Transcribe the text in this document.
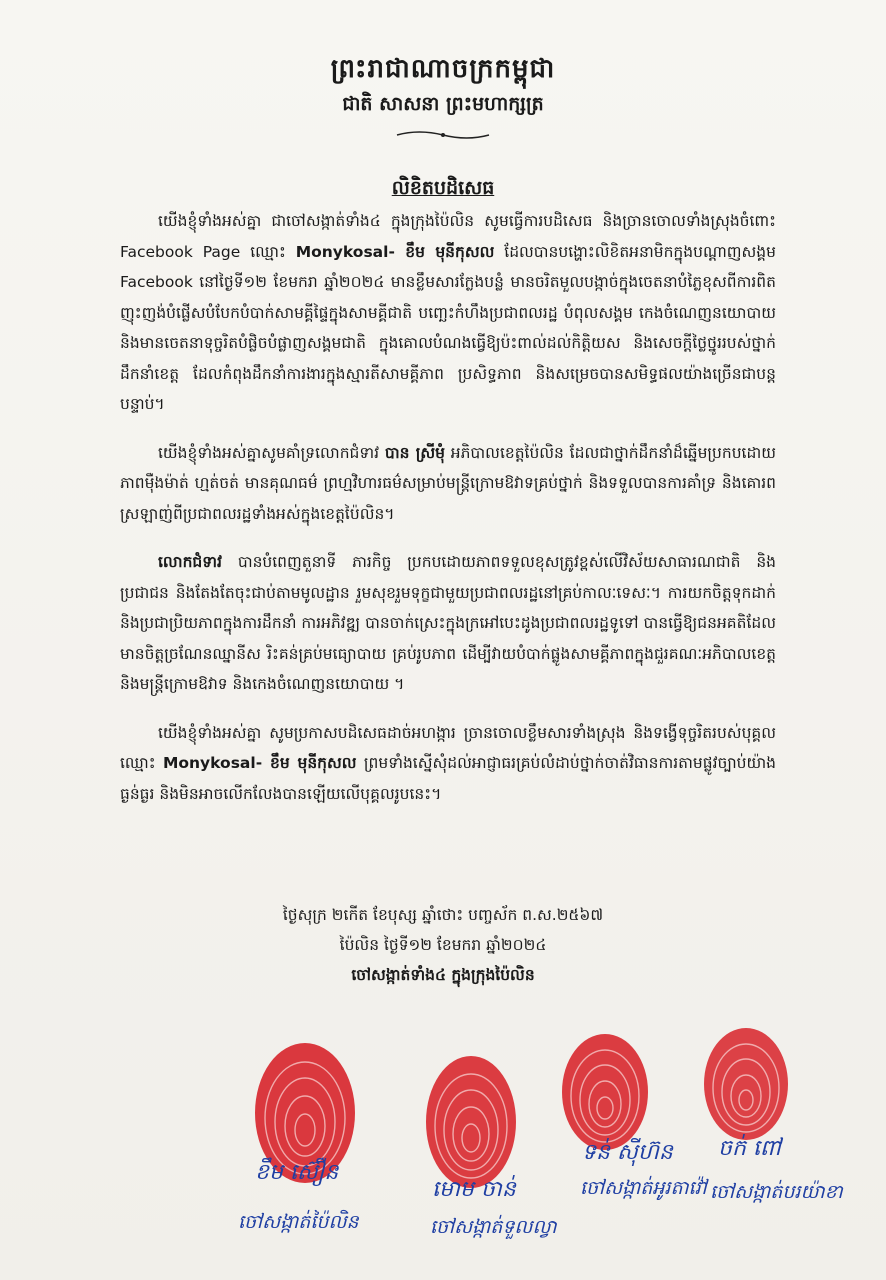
ព្រះរាជាណាចក្រកម្ពុជា
ជាតិ សាសនា ព្រះមហាក្សត្រ
លិខិតបដិសេធ

យើងខ្ញុំទាំងអស់គ្នា ជាចៅសង្កាត់ទាំង៤ ក្នុងក្រុងប៉ៃលិន សូមធ្វើការបដិសេធ និងច្រានចោលទាំងស្រុងចំពោះ Facebook Page ឈ្មោះ Monykosal- ខឹម មុនីកុសល ដែលបានបង្ហោះលិខិតអនាមិកក្នុងបណ្តាញសង្គម Facebook នៅថ្ងៃទី១២ ខែមករា ឆ្នាំ២០២៤ មានខ្លឹមសារក្លែងបន្លំ មានចរិតមួលបង្កាច់ក្នុងចេតនាបំភ្លៃខុសពីការពិត ញុះញង់បំផ្លើសបំបែកបំបាក់សាមគ្គីផ្ទៃក្នុងសាមគ្គីជាតិ បញ្ឆេះកំហឹងប្រជាពលរដ្ឋ បំពុលសង្គម កេងចំណេញនយោបាយ និងមានចេតនាទុច្ចរិតបំផ្លិចបំផ្លាញសង្គមជាតិ ក្នុងគោលបំណងធ្វើឱ្យប៉ះពាល់ដល់កិត្តិយស និងសេចក្តីថ្លៃថ្នូររបស់ថ្នាក់ដឹកនាំខេត្ត ដែលកំពុងដឹកនាំការងារក្នុងស្មារតីសាមគ្គីភាព ប្រសិទ្ធភាព និងសម្រេចបានសមិទ្ធផលយ៉ាងច្រើនជាបន្តបន្ទាប់។

យើងខ្ញុំទាំងអស់គ្នាសូមគាំទ្រលោកជំទាវ បាន ស្រីមុំ អភិបាលខេត្តប៉ៃលិន ដែលជាថ្នាក់ដឹកនាំដ៏ឆ្នើមប្រកបដោយភាពម៉ឺងម៉ាត់ ហ្មត់ចត់ មានគុណធម៌ ព្រហ្មវិហារធម៌សម្រាប់មន្ត្រីក្រោមឱវាទគ្រប់ថ្នាក់ និងទទួលបានការគាំទ្រ និងគោរពស្រឡាញ់ពីប្រជាពលរដ្ឋទាំងអស់ក្នុងខេត្តប៉ៃលិន។

លោកជំទាវ បានបំពេញតួនាទី ភារកិច្ច ប្រកបដោយភាពទទួលខុសត្រូវខ្ពស់លើវិស័យសាធារណជាតិ និងប្រជាជន និងតែងតែចុះជាប់តាមមូលដ្ឋាន រួមសុខរួមទុក្ខជាមួយប្រជាពលរដ្ឋនៅគ្រប់កាលៈទេសៈ។ ការយកចិត្តទុកដាក់ និងប្រជាប្រិយភាពក្នុងការដឹកនាំ ការអភិវឌ្ឍ បានចាក់ស្រេះក្នុងក្រអៅបេះដូងប្រជាពលរដ្ឋទូទៅ បានធ្វើឱ្យជនអគតិដែលមានចិត្តច្រណែនឈ្នានីស រិះគន់គ្រប់មធ្យោបាយ គ្រប់រូបភាព ដើម្បីវាយបំបាក់ផ្លូងសាមគ្គីភាពក្នុងជួរគណៈអភិបាលខេត្ត និងមន្ត្រីក្រោមឱវាទ និងកេងចំណេញនយោបាយ ។

យើងខ្ញុំទាំងអស់គ្នា សូមប្រកាសបដិសេធដាច់អហង្ការ ច្រានចោលខ្លឹមសារទាំងស្រុង និងទង្វើទុច្ចរិតរបស់បុគ្គលឈ្មោះ Monykosal- ខឹម មុនីកុសល ព្រមទាំងស្នើសុំដល់អាជ្ញាធរគ្រប់លំដាប់ថ្នាក់ចាត់វិធានការតាមផ្លូវច្បាប់យ៉ាងធ្ងន់ធ្ងរ និងមិនអាចលើកលែងបានឡើយលើបុគ្គលរូបនេះ។

ថ្ងៃសុក្រ ២កើត ខែបុស្ស ឆ្នាំថោះ បញ្ចស័ក ព.ស.២៥៦៧
ប៉ៃលិន ថ្ងៃទី១២ ខែមករា ឆ្នាំ២០២៤
ចៅសង្កាត់ទាំង៤ ក្នុងក្រុងប៉ៃលិន
ខឹម ស៊ឿន
ចៅសង្កាត់ប៉ៃលិន
មោម ចាន់
ចៅសង្កាត់ទួលល្វា
ទន់ ស៊ីហ៊ន
ចៅសង្កាត់អូរតាវ៉ៅ
ចក់ ពៅ
ចៅសង្កាត់បរយ៉ាខា
